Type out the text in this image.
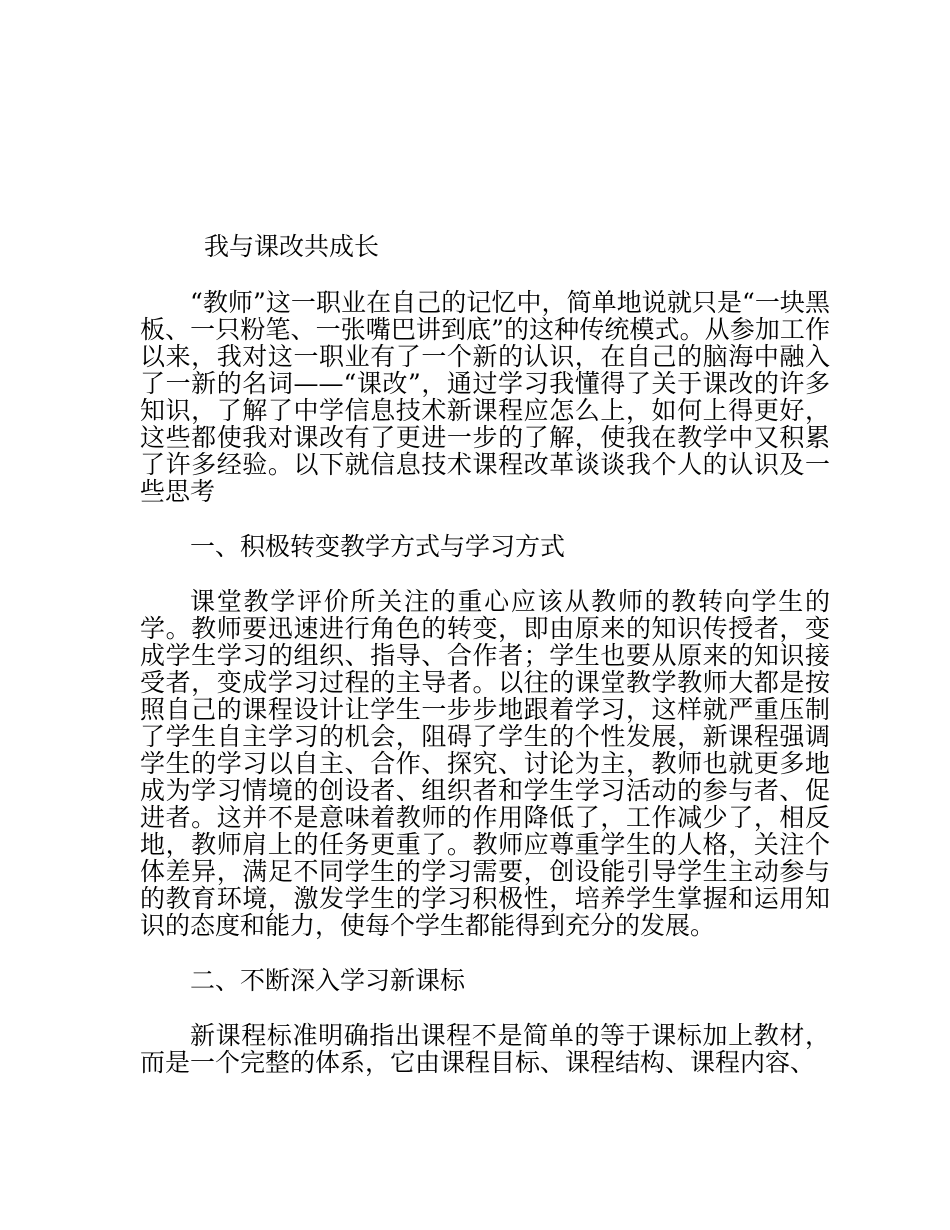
我与课改共成长

“教师”这一职业在自己的记忆中，简单地说就只是“一块黑板、一只粉笔、一张嘴巴讲到底”的这种传统模式。从参加工作以来，我对这一职业有了一个新的认识，在自己的脑海中融入了一新的名词——“课改”，通过学习我懂得了关于课改的许多知识，了解了中学信息技术新课程应怎么上，如何上得更好，这些都使我对课改有了更进一步的了解，使我在教学中又积累了许多经验。以下就信息技术课程改革谈谈我个人的认识及一些思考

一、积极转变教学方式与学习方式

课堂教学评价所关注的重心应该从教师的教转向学生的学。教师要迅速进行角色的转变，即由原来的知识传授者，变成学生学习的组织、指导、合作者；学生也要从原来的知识接受者，变成学习过程的主导者。以往的课堂教学教师大都是按照自己的课程设计让学生一步步地跟着学习，这样就严重压制了学生自主学习的机会，阻碍了学生的个性发展，新课程强调学生的学习以自主、合作、探究、讨论为主，教师也就更多地成为学习情境的创设者、组织者和学生学习活动的参与者、促进者。这并不是意味着教师的作用降低了，工作减少了，相反地，教师肩上的任务更重了。教师应尊重学生的人格，关注个体差异，满足不同学生的学习需要，创设能引导学生主动参与的教育环境，激发学生的学习积极性，培养学生掌握和运用知识的态度和能力，使每个学生都能得到充分的发展。

二、不断深入学习新课标

新课程标准明确指出课程不是简单的等于课标加上教材，而是一个完整的体系，它由课程目标、课程结构、课程内容、
